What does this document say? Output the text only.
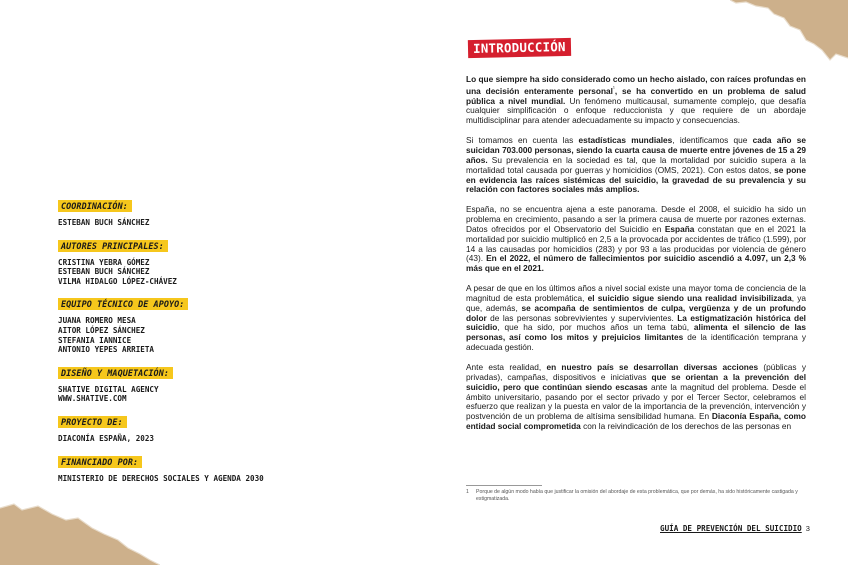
COORDINACIÓN:
ESTEBAN BUCH SÁNCHEZ
AUTORES PRINCIPALES:
CRISTINA YEBRA GÓMEZ
ESTEBAN BUCH SÁNCHEZ
VILMA HIDALGO LÓPEZ-CHÁVEZ
EQUIPO TÉCNICO DE APOYO:
JUANA ROMERO MESA
AITOR LÓPEZ SÁNCHEZ
STEFANIA IANNICE
ANTONIO YEPES ARRIETA
DISEÑO Y MAQUETACIÓN:
SHATIVE DIGITAL AGENCY
WWW.SHATIVE.COM
PROYECTO DE:
DIACONÍA ESPAÑA, 2023
FINANCIADO POR:
MINISTERIO DE DERECHOS SOCIALES Y AGENDA 2030
INTRODUCCIÓN

Lo que siempre ha sido considerado como un hecho aislado, con raíces profundas en una decisión enteramente personal$^{^1}$, se ha convertido en un problema de salud pública a nivel mundial. Un fenómeno multicausal, sumamente complejo, que desafía cualquier simplificación o enfoque reduccionista y que requiere de un abordaje multidisciplinar para atender adecuadamente su impacto y consecuencias.

Si tomamos en cuenta las estadísticas mundiales, identificamos que cada año se suicidan 703.000 personas, siendo la cuarta causa de muerte entre jóvenes de 15 a 29 años. Su prevalencia en la sociedad es tal, que la mortalidad por suicidio supera a la mortalidad total causada por guerras y homicidios (OMS, 2021). Con estos datos, se pone en evidencia las raíces sistémicas del suicidio, la gravedad de su prevalencia y su relación con factores sociales más amplios.

España, no se encuentra ajena a este panorama. Desde el 2008, el suicidio ha sido un problema en crecimiento, pasando a ser la primera causa de muerte por razones externas. Datos ofrecidos por el Observatorio del Suicidio en España constatan que en el 2021 la mortalidad por suicidio multiplicó en 2,5 a la provocada por accidentes de tráfico (1.599), por 14 a las causadas por homicidios (283) y por 93 a las producidas por violencia de género (43). En el 2022, el número de fallecimientos por suicidio ascendió a 4.097, un 2,3 % más que en el 2021.

A pesar de que en los últimos años a nivel social existe una mayor toma de conciencia de la magnitud de esta problemática, el suicidio sigue siendo una realidad invisibilizada, ya que, además, se acompaña de sentimientos de culpa, vergüenza y de un profundo dolor de las personas sobrevivientes y supervivientes. La estigmatización histórica del suicidio, que ha sido, por muchos años un tema tabú, alimenta el silencio de las personas, así como los mitos y prejuicios limitantes de la identificación temprana y adecuada gestión.

Ante esta realidad, en nuestro país se desarrollan diversas acciones (públicas y privadas), campañas, dispositivos e iniciativas que se orientan a la prevención del suicidio, pero que continúan siendo escasas ante la magnitud del problema. Desde el ámbito universitario, pasando por el sector privado y por el Tercer Sector, celebramos el esfuerzo que realizan y la puesta en valor de la importancia de la prevención, intervención y postvención de un problema de altísima sensibilidad humana. En Diaconía España, como entidad social comprometida con la reivindicación de los derechos de las personas en

1	Porque de algún modo había que justificar la omisión del abordaje de esta problemática, que por demás, ha sido históricamente castigada y estigmatizada.
GUÍA DE PREVENCIÓN DEL SUICIDIO 3
